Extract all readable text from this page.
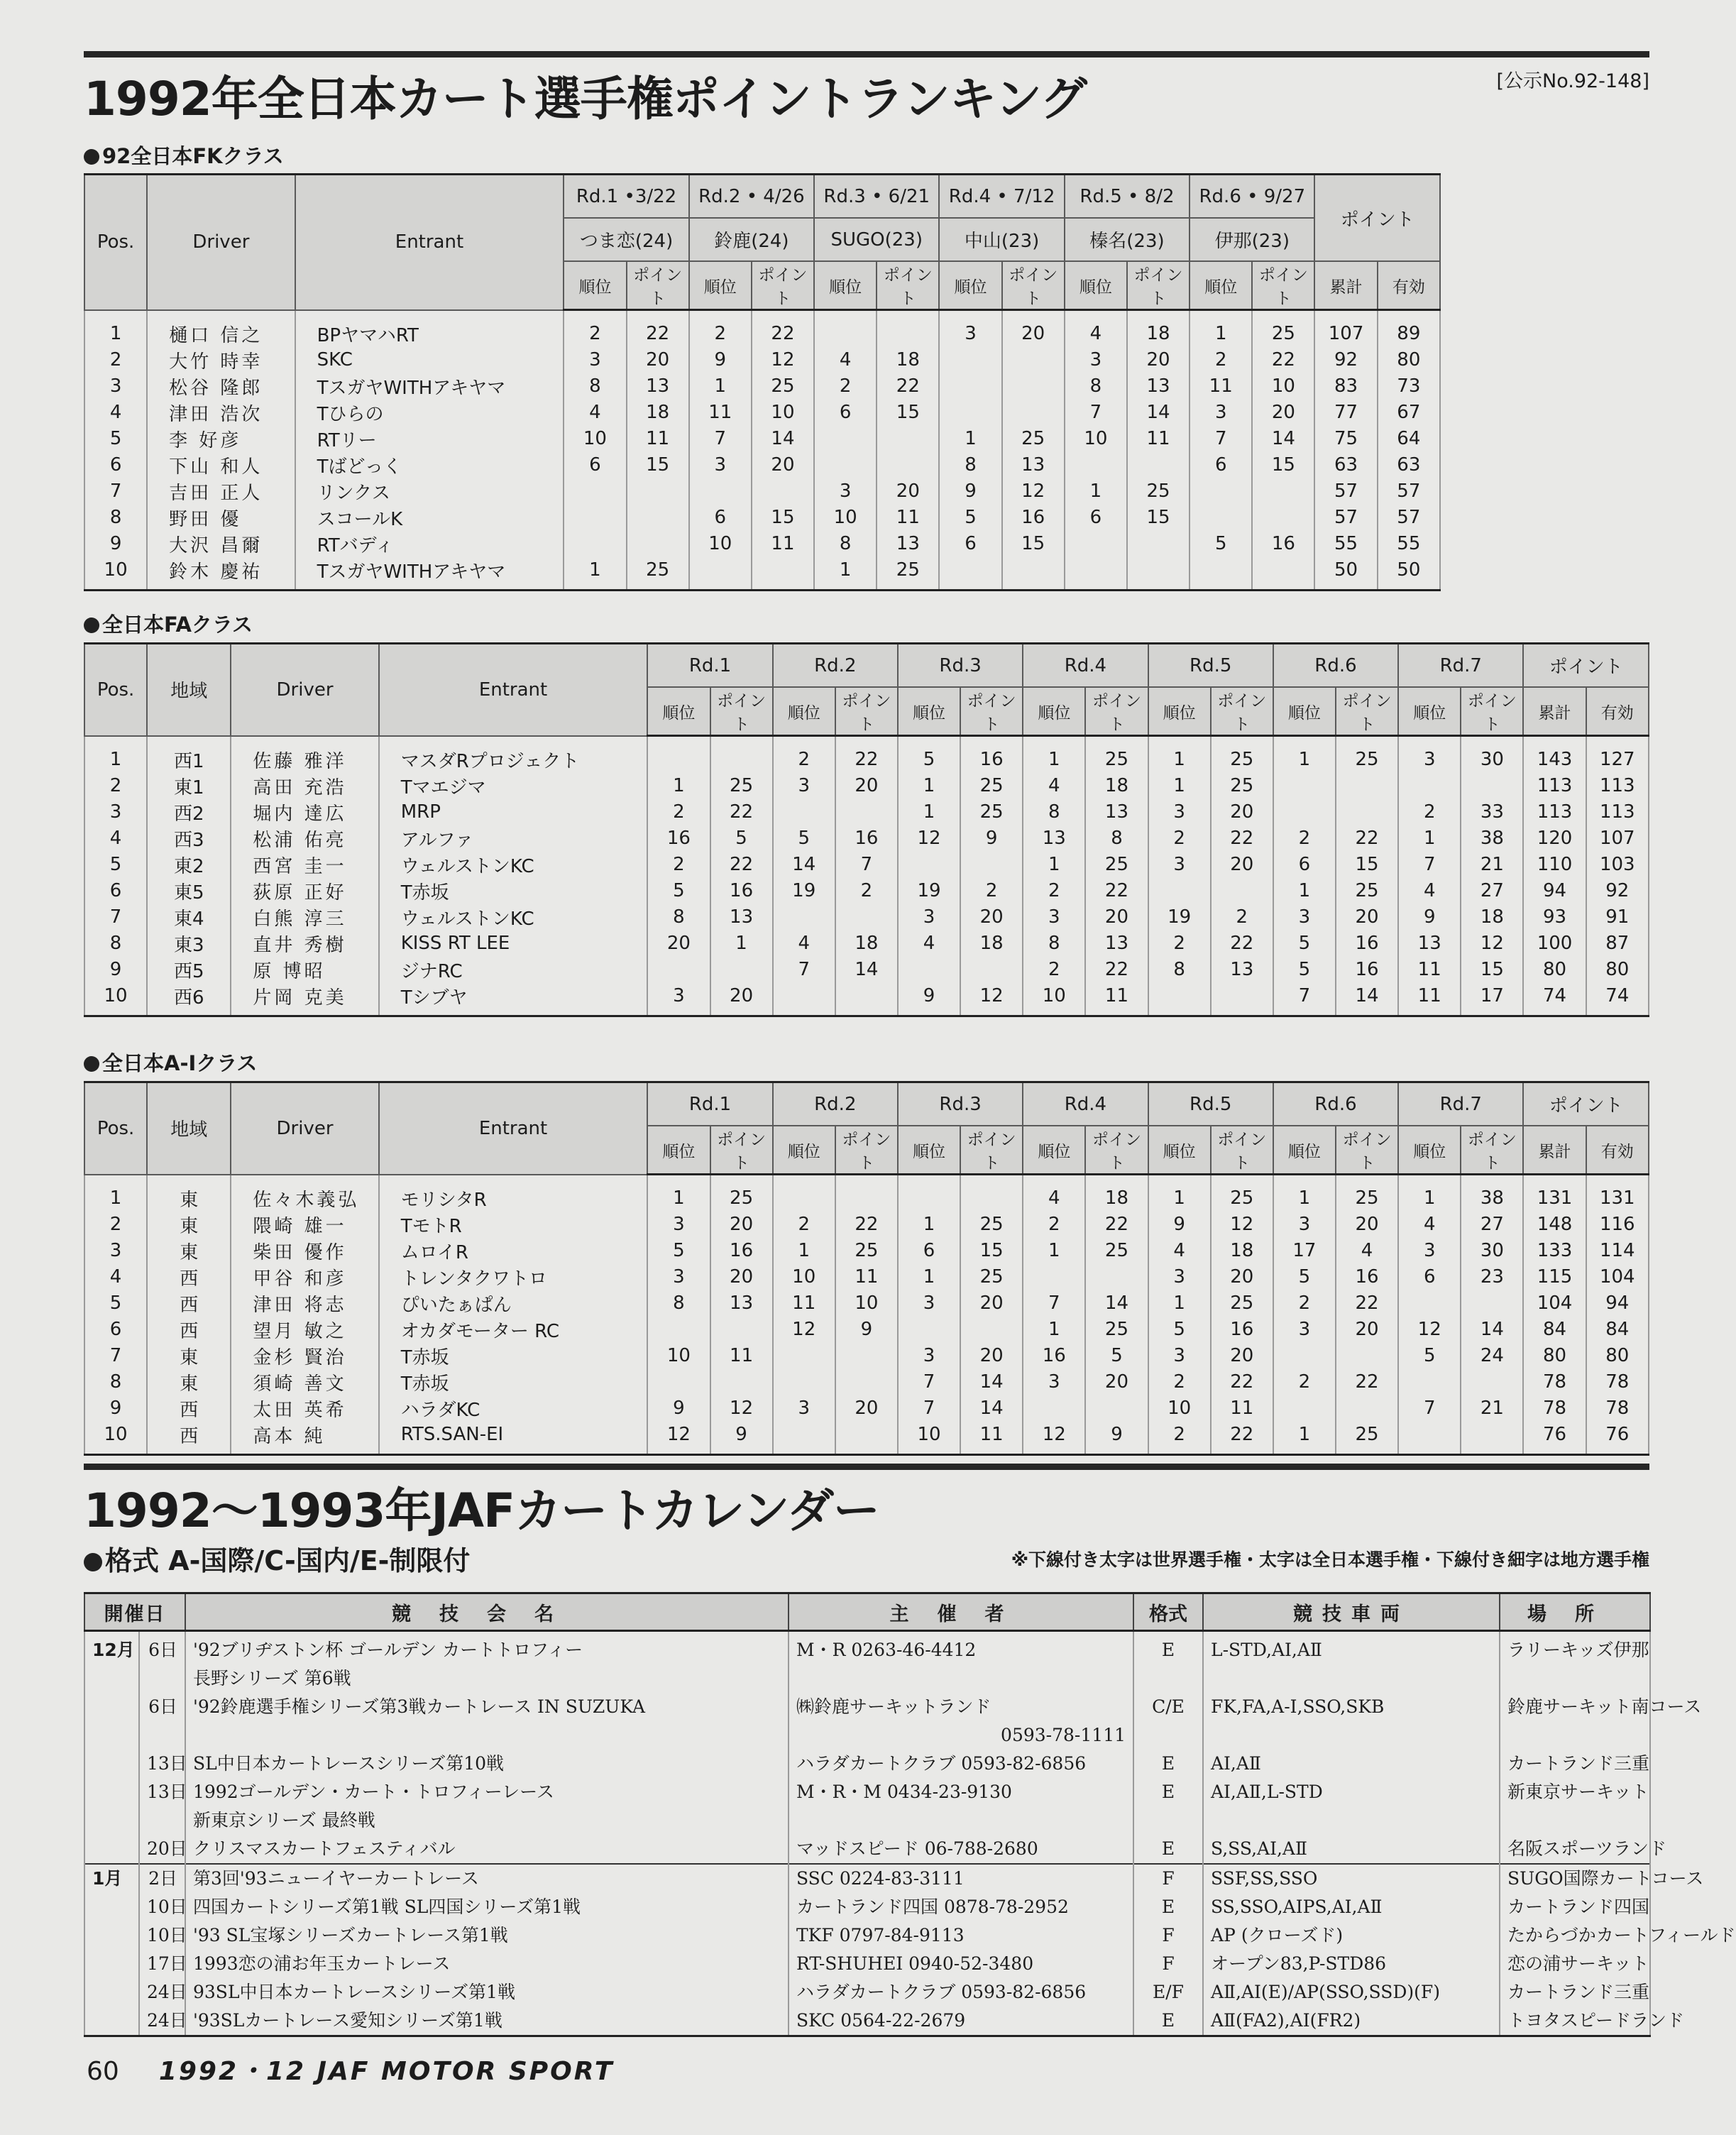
1992年全日本カート選手権ポイントランキング	[公示No.92-148]
92全日本FKクラス
Pos.	Driver	Entrant	Rd.1 •3/22		Rd.2 • 4/26		Rd.3 • 6/21		Rd.4 • 7/12		Rd.5 • 8/2		Rd.6 • 9/27		ポイント	
			つま恋(24)		鈴鹿(24)		SUGO(23)		中山(23)		榛名(23)		伊那(23)			
			順位	ポイント	順位	ポイント	順位	ポイント	順位	ポイント	順位	ポイント	順位	ポイント	累計	有効
1	樋口 信之	BPヤマハRT	2	22	2	22			3	20	4	18	1	25	107	89
2	大竹 時幸	SKC	3	20	9	12	4	18			3	20	2	22	92	80
3	松谷 隆郎	TスガヤWITHアキヤマ	8	13	1	25	2	22			8	13	11	10	83	73
4	津田 浩次	Tひらの	4	18	11	10	6	15			7	14	3	20	77	67
5	李 好彦	RTリー	10	11	7	14			1	25	10	11	7	14	75	64
6	下山 和人	Tばどっく	6	15	3	20			8	13			6	15	63	63
7	吉田 正人	リンクス					3	20	9	12	1	25			57	57
8	野田 優	スコールK			6	15	10	11	5	16	6	15			57	57
9	大沢 昌爾	RTバディ			10	11	8	13	6	15			5	16	55	55
10	鈴木 慶祐	TスガヤWITHアキヤマ	1	25			1	25							50	50
全日本FAクラス
Pos.	地域	Driver	Entrant	Rd.1		Rd.2		Rd.3		Rd.4		Rd.5		Rd.6		Rd.7		ポイント	
				順位	ポイント	順位	ポイント	順位	ポイント	順位	ポイント	順位	ポイント	順位	ポイント	順位	ポイント	累計	有効
1	西1	佐藤 雅洋	マスダRプロジェクト			2	22	5	16	1	25	1	25	1	25	3	30	143	127
2	東1	高田 充浩	Tマエジマ	1	25	3	20	1	25	4	18	1	25					113	113
3	西2	堀内 達広	MRP	2	22			1	25	8	13	3	20			2	33	113	113
4	西3	松浦 佑亮	アルファ	16	5	5	16	12	9	13	8	2	22	2	22	1	38	120	107
5	東2	西宮 圭一	ウェルストンKC	2	22	14	7			1	25	3	20	6	15	7	21	110	103
6	東5	荻原 正好	T赤坂	5	16	19	2	19	2	2	22			1	25	4	27	94	92
7	東4	白熊 淳三	ウェルストンKC	8	13			3	20	3	20	19	2	3	20	9	18	93	91
8	東3	直井 秀樹	KISS RT LEE	20	1	4	18	4	18	8	13	2	22	5	16	13	12	100	87
9	西5	原 博昭	ジナRC			7	14			2	22	8	13	5	16	11	15	80	80
10	西6	片岡 克美	Tシブヤ	3	20			9	12	10	11			7	14	11	17	74	74
全日本A-Iクラス
Pos.	地域	Driver	Entrant	Rd.1		Rd.2		Rd.3		Rd.4		Rd.5		Rd.6		Rd.7		ポイント	
				順位	ポイント	順位	ポイント	順位	ポイント	順位	ポイント	順位	ポイント	順位	ポイント	順位	ポイント	累計	有効
1	東	佐々木義弘	モリシタR	1	25					4	18	1	25	1	25	1	38	131	131
2	東	隈崎 雄一	TモトR	3	20	2	22	1	25	2	22	9	12	3	20	4	27	148	116
3	東	柴田 優作	ムロイR	5	16	1	25	6	15	1	25	4	18	17	4	3	30	133	114
4	西	甲谷 和彦	トレンタクワトロ	3	20	10	11	1	25			3	20	5	16	6	23	115	104
5	西	津田 将志	ぴいたぁぱん	8	13	11	10	3	20	7	14	1	25	2	22			104	94
6	西	望月 敏之	オカダモーター RC			12	9			1	25	5	16	3	20	12	14	84	84
7	東	金杉 賢治	T赤坂	10	11			3	20	16	5	3	20			5	24	80	80
8	東	須崎 善文	T赤坂					7	14	3	20	2	22	2	22			78	78
9	西	太田 英希	ハラダKC	9	12	3	20	7	14			10	11			7	21	78	78
10	西	高本 純	RTS.SAN-EI	12	9			10	11	12	9	2	22	1	25			76	76
1992〜1993年JAFカートカレンダー
格式 A-国際/C-国内/E-制限付	※下線付き太字は世界選手権・太字は全日本選手権・下線付き細字は地方選手権
開催日		競技会名	主催者	格式	競技車両	場所
12月	6日	'92ブリヂストン杯 ゴールデン カートトロフィー	M・R 0263-46-4412	E	L-STD,AⅠ,AⅡ	ラリーキッズ伊那
		長野シリーズ 第6戦				
	6日	'92鈴鹿選手権シリーズ第3戦カートレース IN SUZUKA	㈱鈴鹿サーキットランド	C/E	FK,FA,A-Ⅰ,SSO,SKB	鈴鹿サーキット南コース
			0593-78-1111			
	13日	SL中日本カートレースシリーズ第10戦	ハラダカートクラブ 0593-82-6856	E	AⅠ,AⅡ	カートランド三重
	13日	1992ゴールデン・カート・トロフィーレース	M・R・M 0434-23-9130	E	AⅠ,AⅡ,L-STD	新東京サーキット
		新東京シリーズ 最終戦				
	20日	クリスマスカートフェスティバル	マッドスピード 06-788-2680	E	S,SS,AⅠ,AⅡ	名阪スポーツランド
1月	2日	第3回'93ニューイヤーカートレース	SSC 0224-83-3111	F	SSF,SS,SSO	SUGO国際カートコース
	10日	四国カートシリーズ第1戦 SL四国シリーズ第1戦	カートランド四国 0878-78-2952	E	SS,SSO,AⅠPS,AⅠ,AⅡ	カートランド四国
	10日	'93 SL宝塚シリーズカートレース第1戦	TKF 0797-84-9113	F	AP (クローズド)	たからづかカートフィールド
	17日	1993恋の浦お年玉カートレース	RT-SHUHEI 0940-52-3480	F	オープン83,P-STD86	恋の浦サーキット
	24日	93SL中日本カートレースシリーズ第1戦	ハラダカートクラブ 0593-82-6856	E/F	AⅡ,AⅠ(E)/AP(SSO,SSD)(F)	カートランド三重
	24日	'93SLカートレース愛知シリーズ第1戦	SKC 0564-22-2679	E	AⅡ(FA2),AⅠ(FR2)	トヨタスピードランド
60 1992・12 JAF MOTOR SPORT
